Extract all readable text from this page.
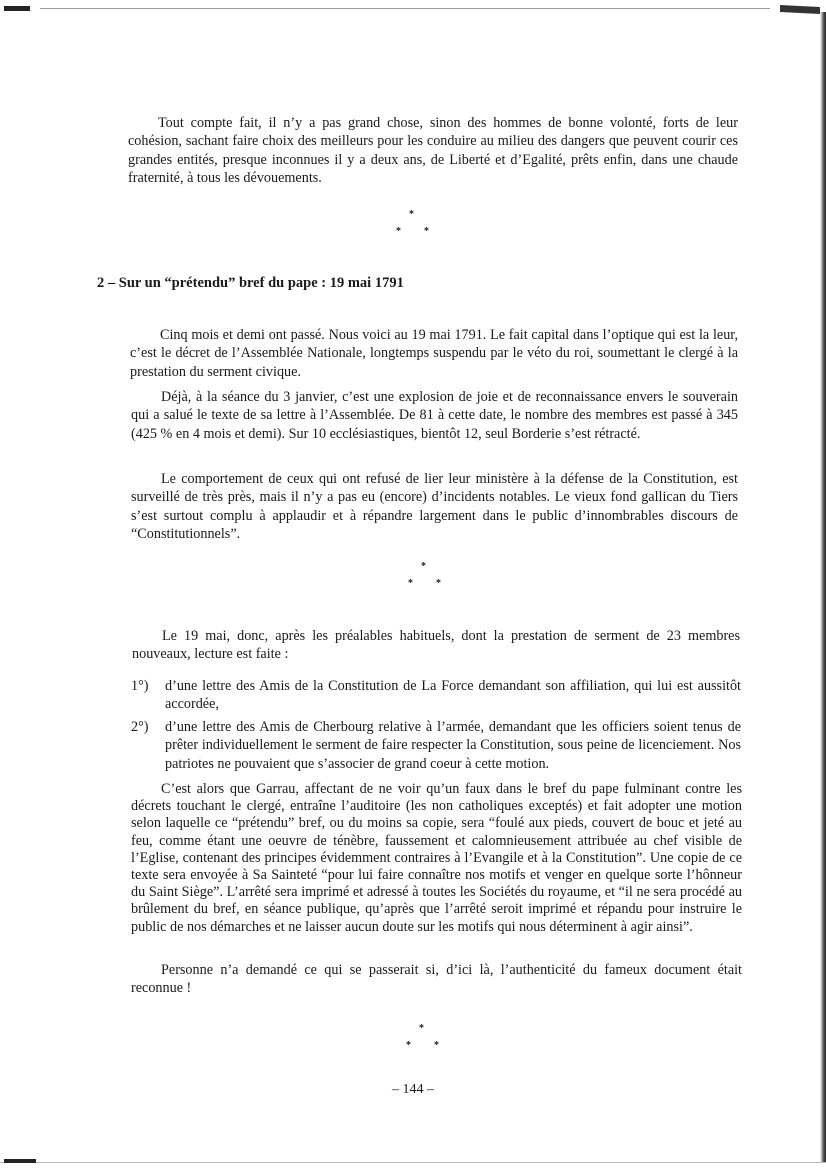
Tout compte fait, il n’y a pas grand chose, sinon des hommes de bonne volonté, forts de leur cohésion, sachant faire choix des meilleurs pour les conduire au milieu des dangers que peuvent courir ces grandes entités, presque inconnues il y a deux ans, de Liberté et d’Egalité, prêts enfin, dans une chaude fraternité, à tous les dévouements.

*
* *
2 – Sur un “prétendu” bref du pape : 19 mai 1791

Cinq mois et demi ont passé. Nous voici au 19 mai 1791. Le fait capital dans l’optique qui est la leur, c’est le décret de l’Assemblée Nationale, longtemps suspendu par le véto du roi, soumettant le clergé à la prestation du serment civique.

Déjà, à la séance du 3 janvier, c’est une explosion de joie et de reconnaissance envers le souverain qui a salué le texte de sa lettre à l’Assemblée. De 81 à cette date, le nombre des membres est passé à 345 (425 % en 4 mois et demi). Sur 10 ecclésiastiques, bientôt 12, seul Borderie s’est rétracté.

Le comportement de ceux qui ont refusé de lier leur ministère à la défense de la Constitution, est surveillé de très près, mais il n’y a pas eu (encore) d’incidents notables. Le vieux fond gallican du Tiers s’est surtout complu à applaudir et à répandre largement dans le public d’innombrables discours de “Constitutionnels”.

*
* *

Le 19 mai, donc, après les préalables habituels, dont la prestation de serment de 23 membres nouveaux, lecture est faite :

1°) d’une lettre des Amis de la Constitution de La Force demandant son affiliation, qui lui est aussitôt accordée,
2°) d’une lettre des Amis de Cherbourg relative à l’armée, demandant que les officiers soient tenus de prêter individuellement le serment de faire respecter la Constitution, sous peine de licenciement. Nos patriotes ne pouvaient que s’associer de grand coeur à cette motion.

C’est alors que Garrau, affectant de ne voir qu’un faux dans le bref du pape fulminant contre les décrets touchant le clergé, entraîne l’auditoire (les non catholiques exceptés) et fait adopter une motion selon laquelle ce “prétendu” bref, ou du moins sa copie, sera “foulé aux pieds, couvert de bouc et jeté au feu, comme étant une oeuvre de ténèbre, faussement et calomnieusement attribuée au chef visible de l’Eglise, contenant des principes évidemment contraires à l’Evangile et à la Constitution”. Une copie de ce texte sera envoyée à Sa Sainteté “pour lui faire connaître nos motifs et venger en quelque sorte l’hônneur du Saint Siège”. L’arrêté sera imprimé et adressé à toutes les Sociétés du royaume, et “il ne sera procédé au brûlement du bref, en séance publique, qu’après que l’arrêté seroit imprimé et répandu pour instruire le public de nos démarches et ne laisser aucun doute sur les motifs qui nous déterminent à agir ainsi”.

Personne n’a demandé ce qui se passerait si, d’ici là, l’authenticité du fameux document était reconnue !

*
* *
– 144 –
